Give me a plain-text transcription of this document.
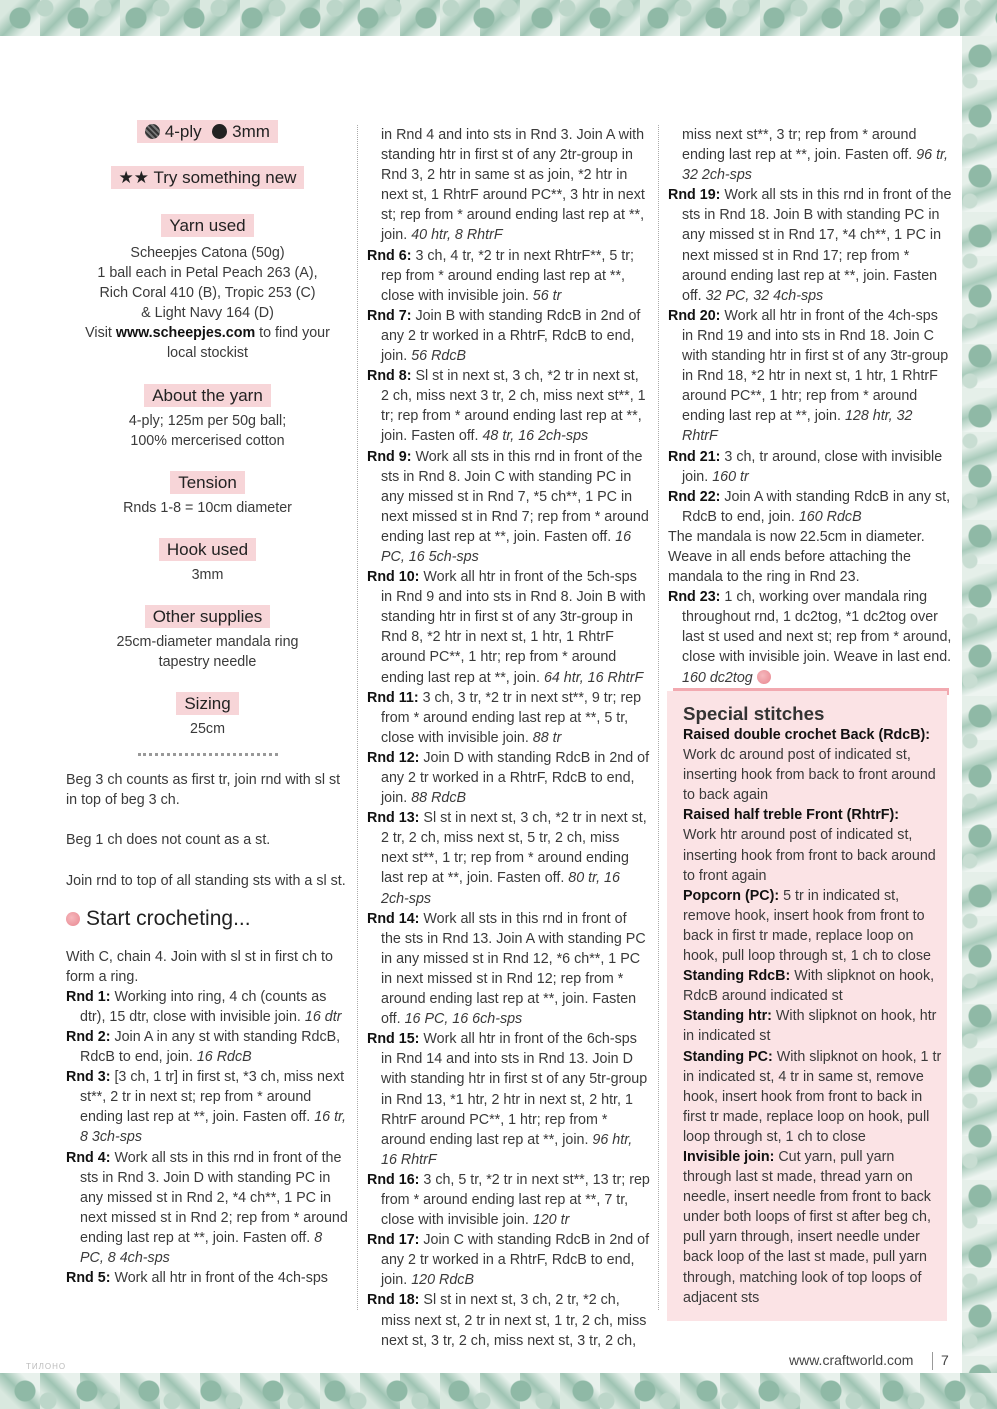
4-ply 3mm
★★ Try something new
Yarn used
Scheepjes Catona (50g)
1 ball each in Petal Peach 263 (A),
Rich Coral 410 (B), Tropic 253 (C)
& Light Navy 164 (D)
Visit www.scheepjes.com to find your
local stockist
About the yarn
4-ply; 125m per 50g ball;
100% mercerised cotton
Tension
Rnds 1-8 = 10cm diameter
Hook used
3mm
Other supplies
25cm-diameter mandala ring
tapestry needle
Sizing
25cm
Beg 3 ch counts as first tr, join rnd with sl st in top of beg 3 ch.
Beg 1 ch does not count as a st.
Join rnd to top of all standing sts with a sl st.
Start crocheting...
With C, chain 4. Join with sl st in first ch to form a ring.
Rnd 1: Working into ring, 4 ch (counts as dtr), 15 dtr, close with invisible join. 16 dtr
Rnd 2: Join A in any st with standing RdcB, RdcB to end, join. 16 RdcB
Rnd 3: [3 ch, 1 tr] in first st, *3 ch, miss next st**, 2 tr in next st; rep from * around ending last rep at **, join. Fasten off. 16 tr, 8 3ch-sps
Rnd 4: Work all sts in this rnd in front of the sts in Rnd 3. Join D with standing PC in any missed st in Rnd 2, *4 ch**, 1 PC in next missed st in Rnd 2; rep from * around ending last rep at **, join. Fasten off. 8 PC, 8 4ch-sps
Rnd 5: Work all htr in front of the 4ch-sps
in Rnd 4 and into sts in Rnd 3. Join A with standing htr in first st of any 2tr-group in Rnd 3, 2 htr in same st as join, *2 htr in next st, 1 RhtrF around PC**, 3 htr in next st; rep from * around ending last rep at **, join. 40 htr, 8 RhtrF
Rnd 6: 3 ch, 4 tr, *2 tr in next RhtrF**, 5 tr; rep from * around ending last rep at **, close with invisible join. 56 tr
Rnd 7: Join B with standing RdcB in 2nd of any 2 tr worked in a RhtrF, RdcB to end, join. 56 RdcB
Rnd 8: Sl st in next st, 3 ch, *2 tr in next st, 2 ch, miss next 3 tr, 2 ch, miss next st**, 1 tr; rep from * around ending last rep at **, join. Fasten off. 48 tr, 16 2ch-sps
Rnd 9: Work all sts in this rnd in front of the sts in Rnd 8. Join C with standing PC in any missed st in Rnd 7, *5 ch**, 1 PC in next missed st in Rnd 7; rep from * around ending last rep at **, join. Fasten off. 16 PC, 16 5ch-sps
Rnd 10: Work all htr in front of the 5ch-sps in Rnd 9 and into sts in Rnd 8. Join B with standing htr in first st of any 3tr-group in Rnd 8, *2 htr in next st, 1 htr, 1 RhtrF around PC**, 1 htr; rep from * around ending last rep at **, join. 64 htr, 16 RhtrF
Rnd 11: 3 ch, 3 tr, *2 tr in next st**, 9 tr; rep from * around ending last rep at **, 5 tr, close with invisible join. 88 tr
Rnd 12: Join D with standing RdcB in 2nd of any 2 tr worked in a RhtrF, RdcB to end, join. 88 RdcB
Rnd 13: Sl st in next st, 3 ch, *2 tr in next st, 2 tr, 2 ch, miss next st, 5 tr, 2 ch, miss next st**, 1 tr; rep from * around ending last rep at **, join. Fasten off. 80 tr, 16 2ch-sps
Rnd 14: Work all sts in this rnd in front of the sts in Rnd 13. Join A with standing PC in any missed st in Rnd 12, *6 ch**, 1 PC in next missed st in Rnd 12; rep from * around ending last rep at **, join. Fasten off. 16 PC, 16 6ch-sps
Rnd 15: Work all htr in front of the 6ch-sps in Rnd 14 and into sts in Rnd 13. Join D with standing htr in first st of any 5tr-group in Rnd 13, *1 htr, 2 htr in next st, 2 htr, 1 RhtrF around PC**, 1 htr; rep from * around ending last rep at **, join. 96 htr, 16 RhtrF
Rnd 16: 3 ch, 5 tr, *2 tr in next st**, 13 tr; rep from * around ending last rep at **, 7 tr, close with invisible join. 120 tr
Rnd 17: Join C with standing RdcB in 2nd of any 2 tr worked in a RhtrF, RdcB to end, join. 120 RdcB
Rnd 18: Sl st in next st, 3 ch, 2 tr, *2 ch, miss next st, 2 tr in next st, 1 tr, 2 ch, miss next st, 3 tr, 2 ch, miss next st, 3 tr, 2 ch,
miss next st**, 3 tr; rep from * around ending last rep at **, join. Fasten off. 96 tr, 32 2ch-sps
Rnd 19: Work all sts in this rnd in front of the sts in Rnd 18. Join B with standing PC in any missed st in Rnd 17, *4 ch**, 1 PC in next missed st in Rnd 17; rep from * around ending last rep at **, join. Fasten off. 32 PC, 32 4ch-sps
Rnd 20: Work all htr in front of the 4ch-sps in Rnd 19 and into sts in Rnd 18. Join C with standing htr in first st of any 3tr-group in Rnd 18, *2 htr in next st, 1 htr, 1 RhtrF around PC**, 1 htr; rep from * around ending last rep at **, join. 128 htr, 32 RhtrF
Rnd 21: 3 ch, tr around, close with invisible join. 160 tr
Rnd 22: Join A with standing RdcB in any st, RdcB to end, join. 160 RdcB
The mandala is now 22.5cm in diameter. Weave in all ends before attaching the mandala to the ring in Rnd 23.
Rnd 23: 1 ch, working over mandala ring throughout rnd, 1 dc2tog, *1 dc2tog over last st used and next st; rep from * around, close with invisible join. Weave in last end. 160 dc2tog
Special stitches
Raised double crochet Back (RdcB):
Work dc around post of indicated st, inserting hook from back to front around to back again
Raised half treble Front (RhtrF):
Work htr around post of indicated st, inserting hook from front to back around to front again
Popcorn (PC): 5 tr in indicated st, remove hook, insert hook from front to back in first tr made, replace loop on hook, pull loop through st, 1 ch to close
Standing RdcB: With slipknot on hook, RdcB around indicated st
Standing htr: With slipknot on hook, htr in indicated st
Standing PC: With slipknot on hook, 1 tr in indicated st, 4 tr in same st, remove hook, insert hook from front to back in first tr made, replace loop on hook, pull loop through st, 1 ch to close
Invisible join: Cut yarn, pull yarn through last st made, thread yarn on needle, insert needle from front to back under both loops of first st after beg ch, pull yarn through, insert needle under back loop of the last st made, pull yarn through, matching look of top loops of adjacent sts
TИЛОНО	www.craftworld.com 7
